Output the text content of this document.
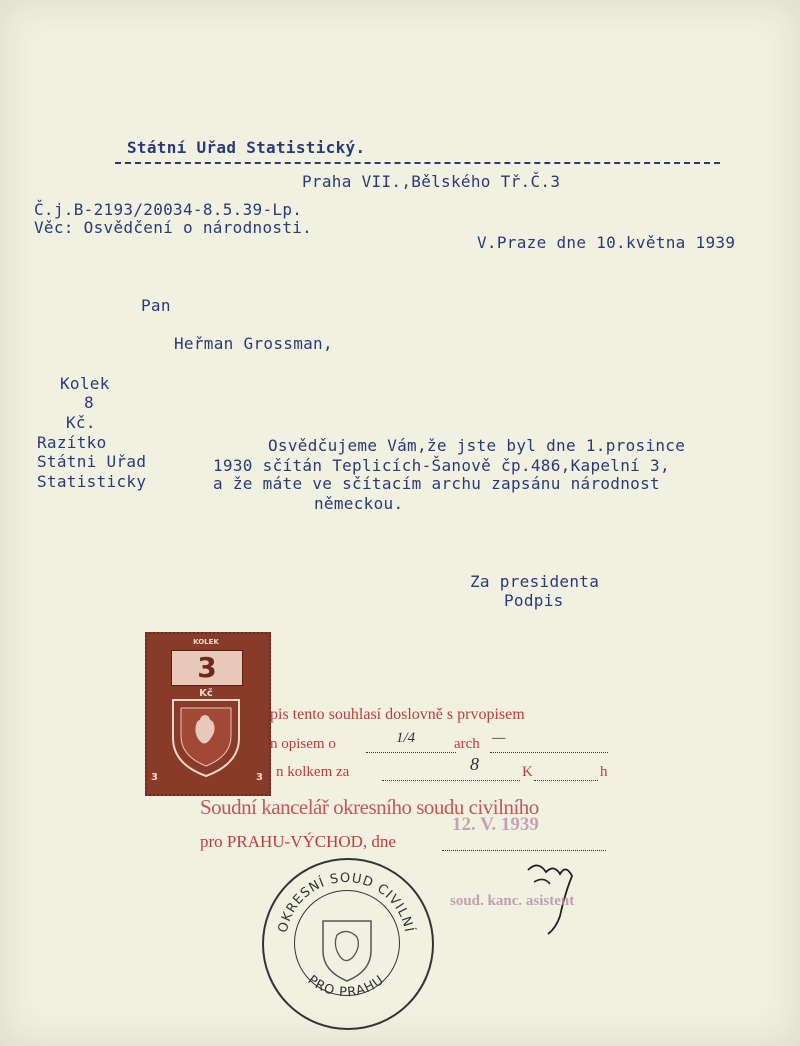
Státní Uřad Statistický.
Praha VII.,Bělského Tř.Č.3
Č.j.B-2193/20034-8.5.39-Lp.
Věc: Osvědčení o národnosti.
V.Praze dne 10.května 1939
Pan
Heřman Grossman,
Kolek
8
Kč.
Razítko
Státni Uřad
Statisticky
Osvědčujeme Vám,že jste byl dne 1.prosince
1930 sčítán Teplicích-Šanově čp.486,Kapelní 3,
a že máte ve sčítacím archu zapsánu národnost
německou.
Za presidenta
Podpis
KOLEK
3
Kč
3	3
pis tento souhlasí doslovně s prvopisem
n opisem o	1/4	arch —
n kolkem za	8	K	h
Soudní kancelář okresního soudu civilního
12. V. 1939
pro PRAHU-VÝCHOD, dne
soud. kanc. asistent
OKRESNÍ SOUD CIVILNÍ
PRO PRAHU
